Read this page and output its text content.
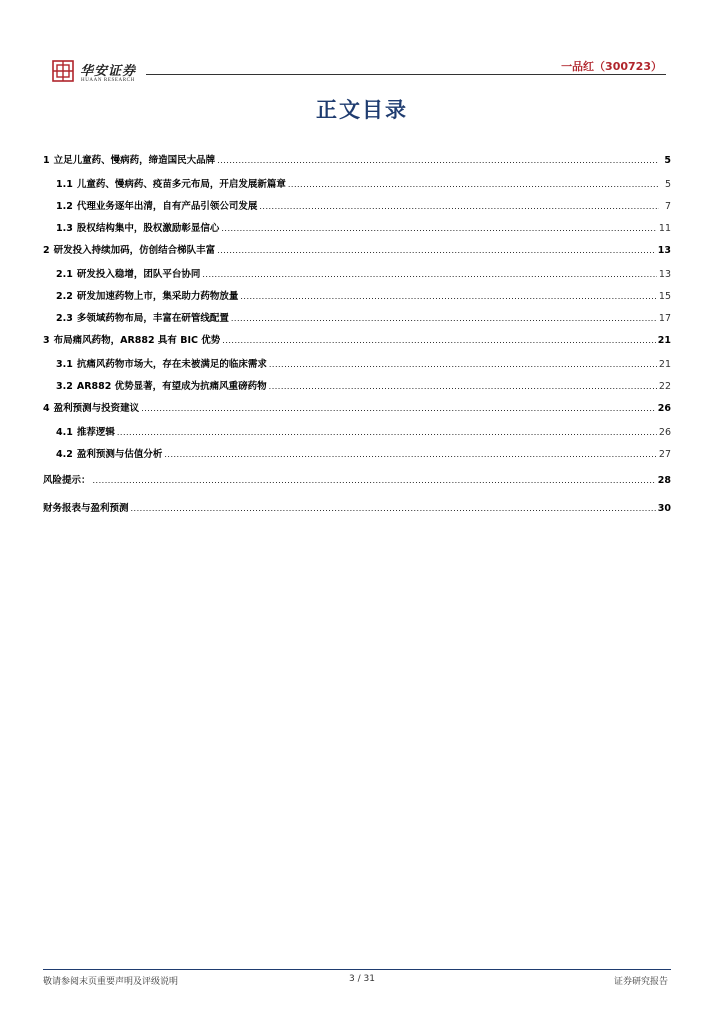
华安证券
HUAAN RESEARCH
一品红（300723）
正文目录
1 立足儿童药、慢病药，缔造国民大品牌 .....	5
1.1 儿童药、慢病药、疫苗多元布局，开启发展新篇章 .....	5
1.2 代理业务逐年出清，自有产品引领公司发展 .....	7
1.3 股权结构集中，股权激励彰显信心 .....	11
2 研发投入持续加码，仿创结合梯队丰富 .....	13
2.1 研发投入稳增，团队平台协同 .....	13
2.2 研发加速药物上市，集采助力药物放量 .....	15
2.3 多领域药物布局，丰富在研管线配置 .....	17
3 布局痛风药物，AR882 具有 BIC 优势 .....	21
3.1 抗痛风药物市场大，存在未被满足的临床需求 .....	21
3.2 AR882 优势显著，有望成为抗痛风重磅药物 .....	22
4 盈利预测与投资建议 .....	26
4.1 推荐逻辑 .....	26
4.2 盈利预测与估值分析 .....	27
风险提示： .....	28
财务报表与盈利预测 .....	30
敬请参阅末页重要声明及评级说明	3 / 31	证券研究报告
